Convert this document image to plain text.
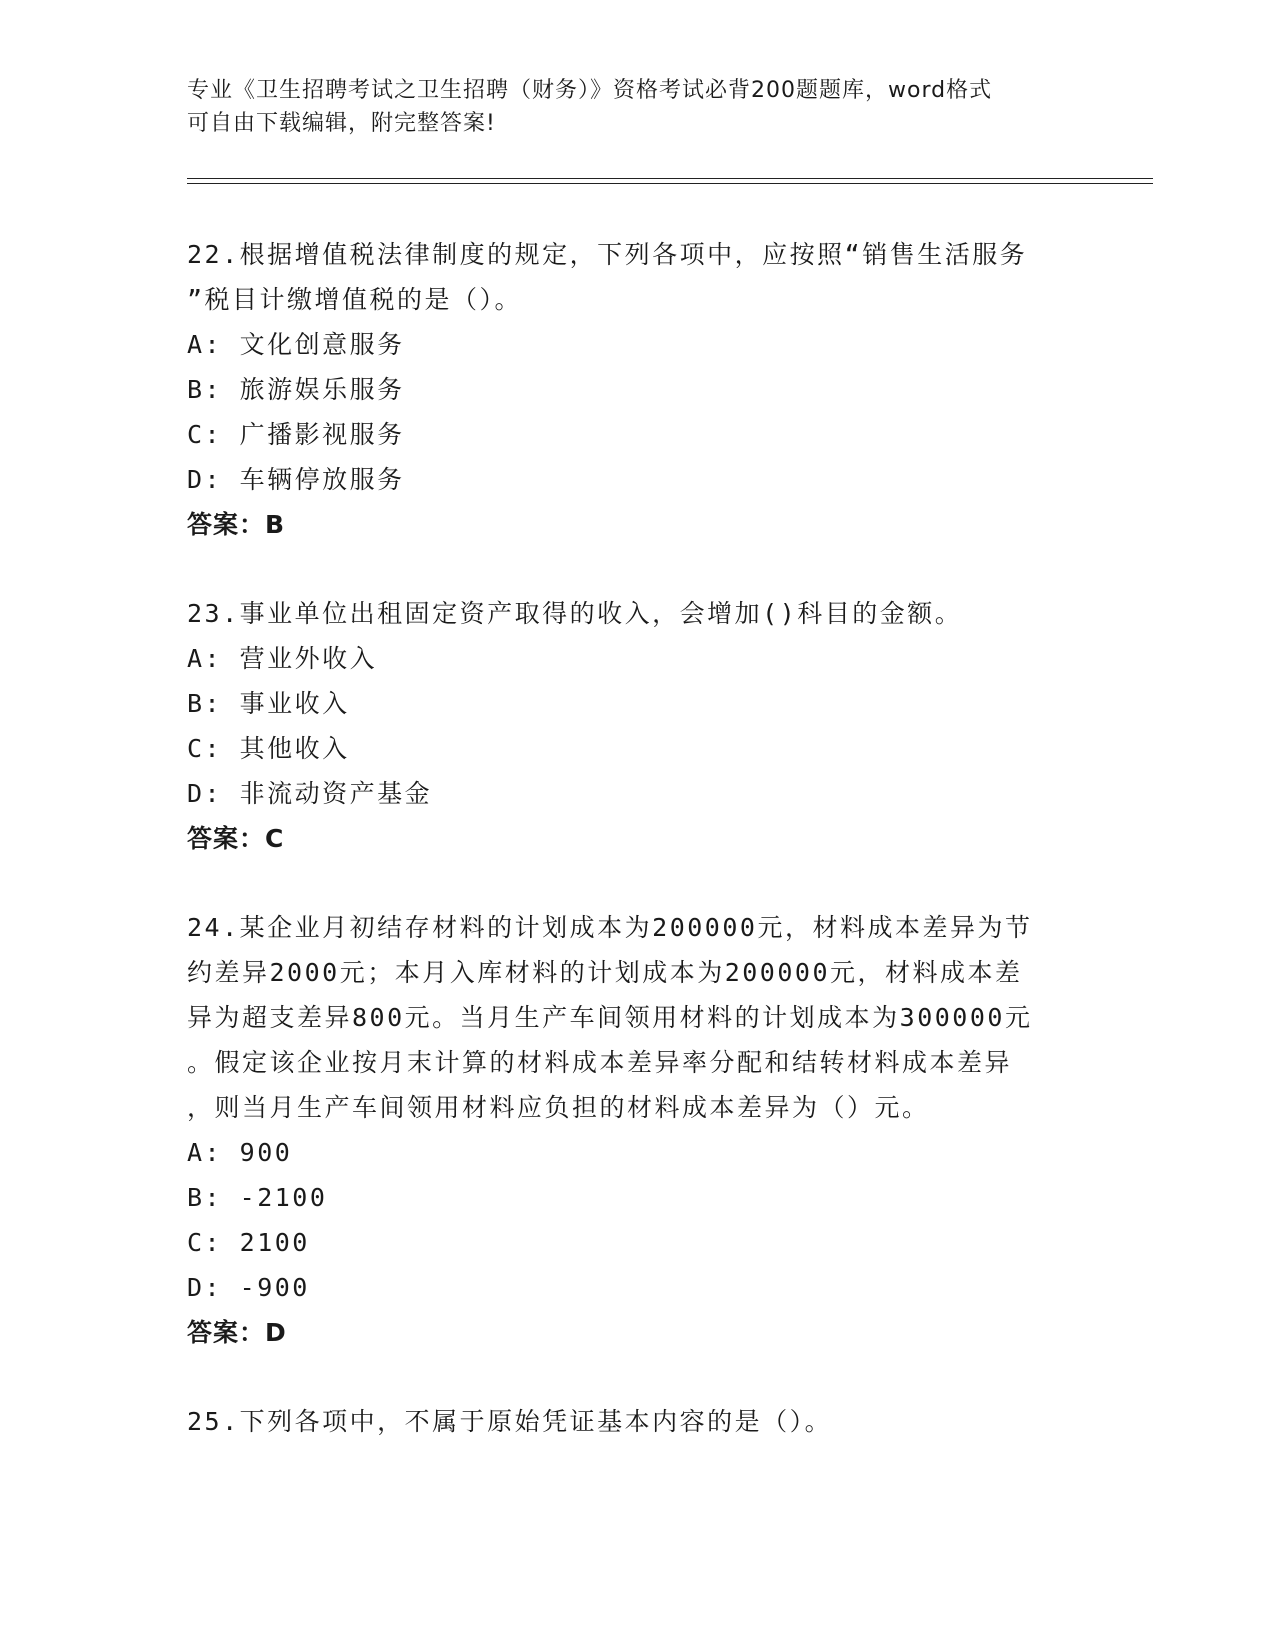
专业《卫生招聘考试之卫生招聘（财务）》资格考试必背200题题库，word格式
可自由下载编辑，附完整答案!
22.根据增值税法律制度的规定，下列各项中，应按照“销售生活服务
”税目计缴增值税的是（）。
A: 文化创意服务
B: 旅游娱乐服务
C: 广播影视服务
D: 车辆停放服务
答案：B
23.事业单位出租固定资产取得的收入，会增加()科目的金额。
A: 营业外收入
B: 事业收入
C: 其他收入
D: 非流动资产基金
答案：C
24.某企业月初结存材料的计划成本为200000元，材料成本差异为节
约差异2000元；本月入库材料的计划成本为200000元，材料成本差
异为超支差异800元。当月生产车间领用材料的计划成本为300000元
。假定该企业按月末计算的材料成本差异率分配和结转材料成本差异
，则当月生产车间领用材料应负担的材料成本差异为（）元。
A: 900
B: -2100
C: 2100
D: -900
答案：D
25.下列各项中，不属于原始凭证基本内容的是（）。
